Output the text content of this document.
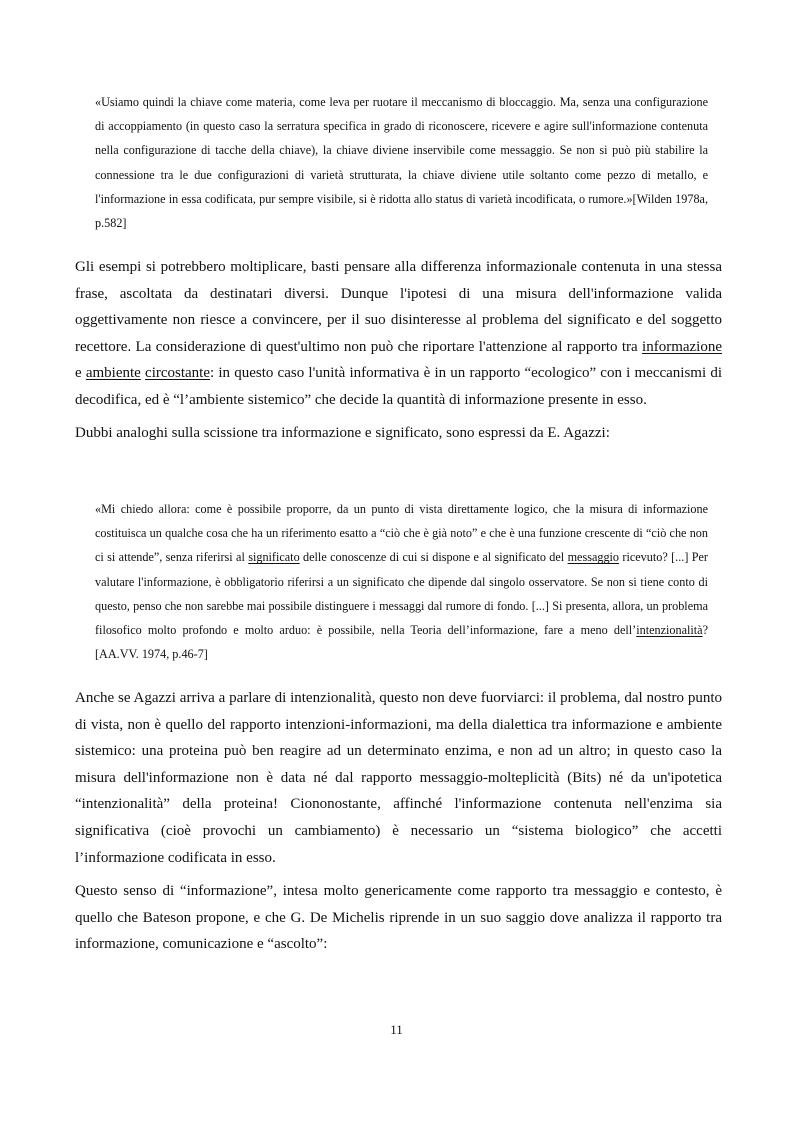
«Usiamo quindi la chiave come materia, come leva per ruotare il meccanismo di bloccaggio. Ma, senza una configurazione di accoppiamento (in questo caso la serratura specifica in grado di riconoscere, ricevere e agire sull'informazione contenuta nella configurazione di tacche della chiave), la chiave diviene inservibile come messaggio. Se non si può più stabilire la connessione tra le due configurazioni di varietà strutturata, la chiave diviene utile soltanto come pezzo di metallo, e l'informazione in essa codificata, pur sempre visibile, si è ridotta allo status di varietà incodificata, o rumore.»[Wilden 1978a, p.582]

Gli esempi si potrebbero moltiplicare, basti pensare alla differenza informazionale contenuta in una stessa frase, ascoltata da destinatari diversi. Dunque l'ipotesi di una misura dell'informazione valida oggettivamente non riesce a convincere, per il suo disinteresse al problema del significato e del soggetto recettore. La considerazione di quest'ultimo non può che riportare l'attenzione al rapporto tra informazione e ambiente circostante: in questo caso l'unità informativa è in un rapporto “ecologico” con i meccanismi di decodifica, ed è “l’ambiente sistemico” che decide la quantità di informazione presente in esso.

Dubbi analoghi sulla scissione tra informazione e significato, sono espressi da E. Agazzi:

«Mi chiedo allora: come è possibile proporre, da un punto di vista direttamente logico, che la misura di informazione costituisca un qualche cosa che ha un riferimento esatto a “ciò che è già noto” e che è una funzione crescente di “ciò che non ci si attende”, senza riferirsi al significato delle conoscenze di cui si dispone e al significato del messaggio ricevuto? [...] Per valutare l'informazione, è obbligatorio riferirsi a un significato che dipende dal singolo osservatore. Se non si tiene conto di questo, penso che non sarebbe mai possibile distinguere i messaggi dal rumore di fondo. [...] Si presenta, allora, un problema filosofico molto profondo e molto arduo: è possibile, nella Teoria dell’informazione, fare a meno dell’intenzionalità? [AA.VV. 1974, p.46-7]

Anche se Agazzi arriva a parlare di intenzionalità, questo non deve fuorviarci: il problema, dal nostro punto di vista, non è quello del rapporto intenzioni-informazioni, ma della dialettica tra informazione e ambiente sistemico: una proteina può ben reagire ad un determinato enzima, e non ad un altro; in questo caso la misura dell'informazione non è data né dal rapporto messaggio-molteplicità (Bits) né da un'ipotetica “intenzionalità” della proteina! Ciononostante, affinché l'informazione contenuta nell'enzima sia significativa (cioè provochi un cambiamento) è necessario un “sistema biologico” che accetti l’informazione codificata in esso.

Questo senso di “informazione”, intesa molto genericamente come rapporto tra messaggio e contesto, è quello che Bateson propone, e che G. De Michelis riprende in un suo saggio dove analizza il rapporto tra informazione, comunicazione e “ascolto”:

11
